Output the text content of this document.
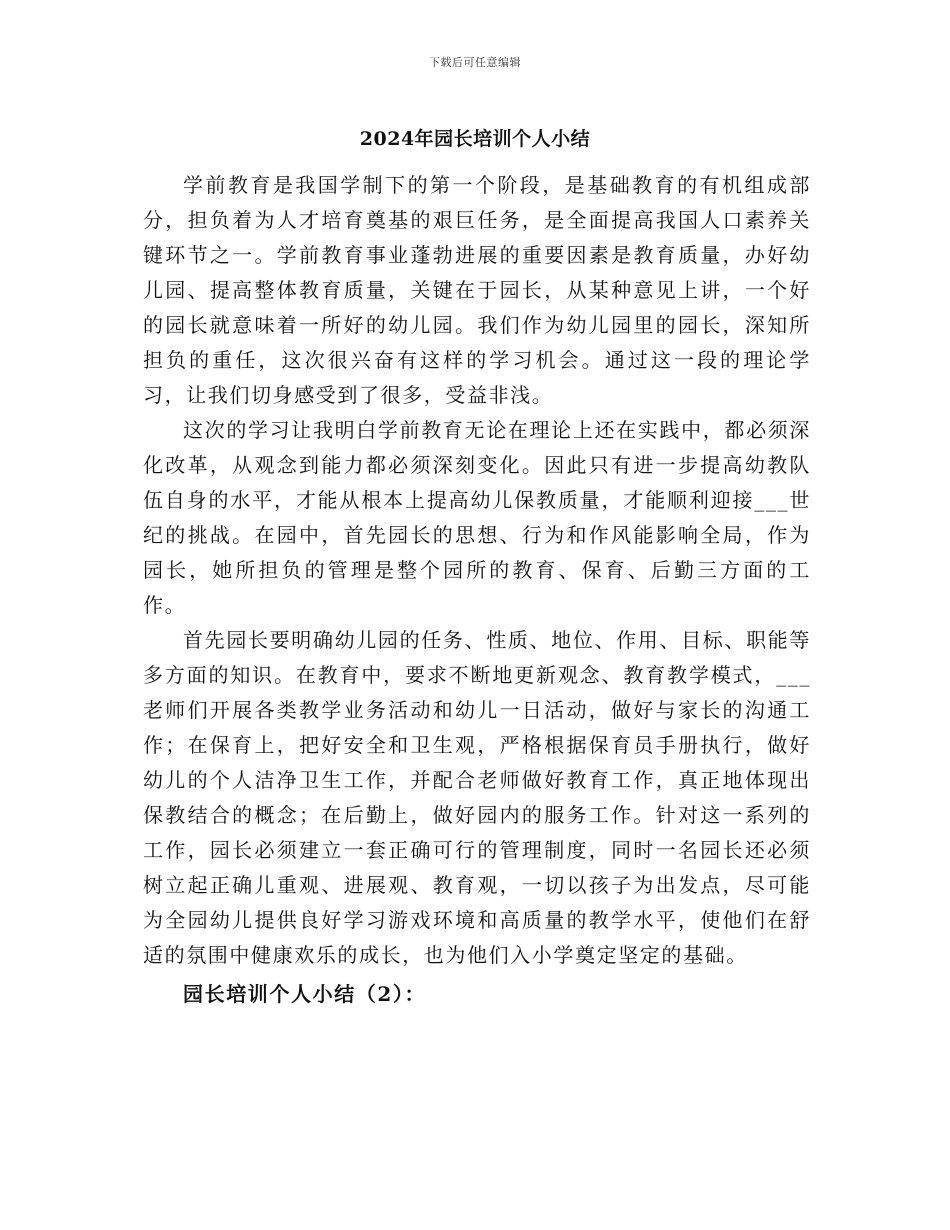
下载后可任意编辑
2024年园长培训个人小结

学前教育是我国学制下的第一个阶段，是基础教育的有机组成部分，担负着为人才培育奠基的艰巨任务，是全面提高我国人口素养关键环节之一。学前教育事业蓬勃进展的重要因素是教育质量，办好幼儿园、提高整体教育质量，关键在于园长，从某种意见上讲，一个好的园长就意味着一所好的幼儿园。我们作为幼儿园里的园长，深知所担负的重任，这次很兴奋有这样的学习机会。通过这一段的理论学习，让我们切身感受到了很多，受益非浅。

这次的学习让我明白学前教育无论在理论上还在实践中，都必须深化改革，从观念到能力都必须深刻变化。因此只有进一步提高幼教队伍自身的水平，才能从根本上提高幼儿保教质量，才能顺利迎接___世纪的挑战。在园中，首先园长的思想、行为和作风能影响全局，作为园长，她所担负的管理是整个园所的教育、保育、后勤三方面的工作。

首先园长要明确幼儿园的任务、性质、地位、作用、目标、职能等多方面的知识。在教育中，要求不断地更新观念、教育教学模式，___老师们开展各类教学业务活动和幼儿一日活动，做好与家长的沟通工作；在保育上，把好安全和卫生观，严格根据保育员手册执行，做好幼儿的个人洁净卫生工作，并配合老师做好教育工作，真正地体现出保教结合的概念；在后勤上，做好园内的服务工作。针对这一系列的工作，园长必须建立一套正确可行的管理制度，同时一名园长还必须树立起正确儿重观、进展观、教育观，一切以孩子为出发点，尽可能为全园幼儿提供良好学习游戏环境和高质量的教学水平，使他们在舒适的氛围中健康欢乐的成长，也为他们入小学奠定坚定的基础。

园长培训个人小结（2）：
